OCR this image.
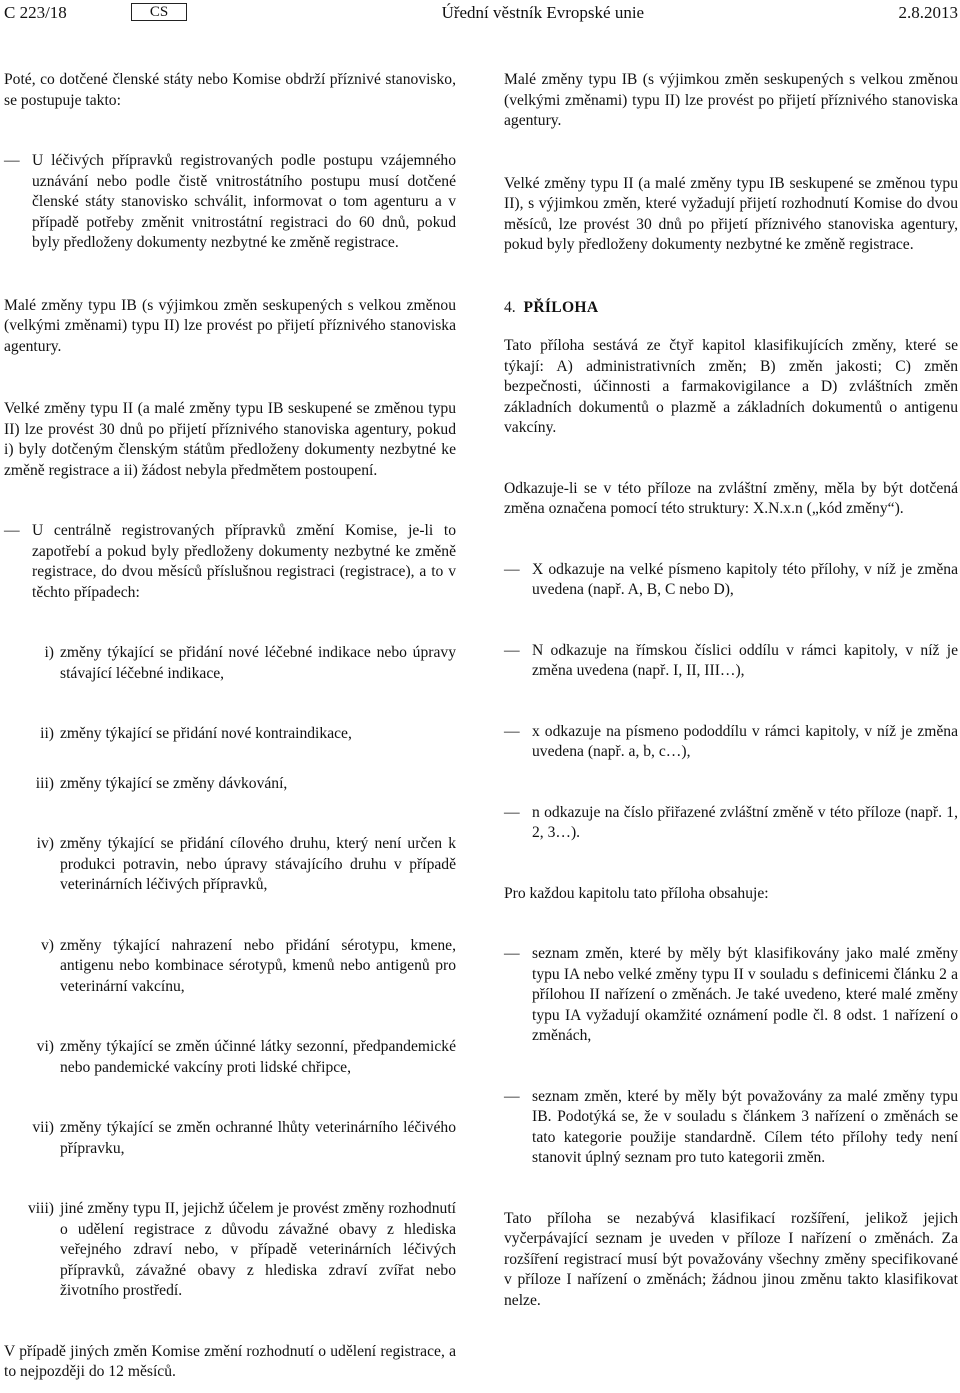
C 223/18	CS	Úřední věstník Evropské unie	2.8.2013

Poté, co dotčené členské státy nebo Komise obdrží příznivé stanovisko, se postupuje takto:

— U léčivých přípravků registrovaných podle postupu vzájemného uznávání nebo podle čistě vnitrostátního postupu musí dotčené členské státy stanovisko schválit, informovat o tom agenturu a v případě potřeby změnit vnitrostátní registraci do 60 dnů, pokud byly předloženy dokumenty nezbytné ke změně registrace.

Malé změny typu IB (s výjimkou změn seskupených s velkou změnou (velkými změnami) typu II) lze provést po přijetí příznivého stanoviska agentury.

Velké změny typu II (a malé změny typu IB seskupené se změnou typu II) lze provést 30 dnů po přijetí příznivého stanoviska agentury, pokud i) byly dotčeným členským státům předloženy dokumenty nezbytné ke změně registrace a ii) žádost nebyla předmětem postoupení.

— U centrálně registrovaných přípravků změní Komise, je-li to zapotřebí a pokud byly předloženy dokumenty nezbytné ke změně registrace, do dvou měsíců příslušnou registraci (registrace), a to v těchto případech:
i) změny týkající se přidání nové léčebné indikace nebo úpravy stávající léčebné indikace,
ii) změny týkající se přidání nové kontraindikace,
iii) změny týkající se změny dávkování,
iv) změny týkající se přidání cílového druhu, který není určen k produkci potravin, nebo úpravy stávajícího druhu v případě veterinárních léčivých přípravků,
v) změny týkající nahrazení nebo přidání sérotypu, kmene, antigenu nebo kombinace sérotypů, kmenů nebo antigenů pro veterinární vakcínu,
vi) změny týkající se změn účinné látky sezonní, předpandemické nebo pandemické vakcíny proti lidské chřipce,
vii) změny týkající se změn ochranné lhůty veterinárního léčivého přípravku,
viii) jiné změny typu II, jejichž účelem je provést změny rozhodnutí o udělení registrace z důvodu závažné obavy z hlediska veřejného zdraví nebo, v případě veterinárních léčivých přípravků, závažné obavy z hlediska zdraví zvířat nebo životního prostředí.

V případě jiných změn Komise změní rozhodnutí o udělení registrace, a to nejpozději do 12 měsíců.

Malé změny typu IB (s výjimkou změn seskupených s velkou změnou (velkými změnami) typu II) lze provést po přijetí příznivého stanoviska agentury.

Velké změny typu II (a malé změny typu IB seskupené se změnou typu II), s výjimkou změn, které vyžadují přijetí rozhodnutí Komise do dvou měsíců, lze provést 30 dnů po přijetí příznivého stanoviska agentury, pokud byly předloženy dokumenty nezbytné ke změně registrace.

4. PŘÍLOHA

Tato příloha sestává ze čtyř kapitol klasifikujících změny, které se týkají: A) administrativních změn; B) změn jakosti; C) změn bezpečnosti, účinnosti a farmakovigilance a D) zvláštních změn základních dokumentů o plazmě a základních dokumentů o antigenu vakcíny.

Odkazuje-li se v této příloze na zvláštní změny, měla by být dotčená změna označena pomocí této struktury: X.N.x.n („kód změny“).

— X odkazuje na velké písmeno kapitoly této přílohy, v níž je změna uvedena (např. A, B, C nebo D),
— N odkazuje na římskou číslici oddílu v rámci kapitoly, v níž je změna uvedena (např. I, II, III…),
— x odkazuje na písmeno pododdílu v rámci kapitoly, v níž je změna uvedena (např. a, b, c…),
— n odkazuje na číslo přiřazené zvláštní změně v této příloze (např. 1, 2, 3…).

Pro každou kapitolu tato příloha obsahuje:

— seznam změn, které by měly být klasifikovány jako malé změny typu IA nebo velké změny typu II v souladu s definicemi článku 2 a přílohou II nařízení o změnách. Je také uvedeno, které malé změny typu IA vyžadují okamžité oznámení podle čl. 8 odst. 1 nařízení o změnách,
— seznam změn, které by měly být považovány za malé změny typu IB. Podotýká se, že v souladu s článkem 3 nařízení o změnách se tato kategorie použije standardně. Cílem této přílohy tedy není stanovit úplný seznam pro tuto kategorii změn.

Tato příloha se nezabývá klasifikací rozšíření, jelikož jejich vyčerpávající seznam je uveden v příloze I nařízení o změnách. Za rozšíření registrací musí být považovány všechny změny specifikované v příloze I nařízení o změnách; žádnou jinou změnu takto klasifikovat nelze.
